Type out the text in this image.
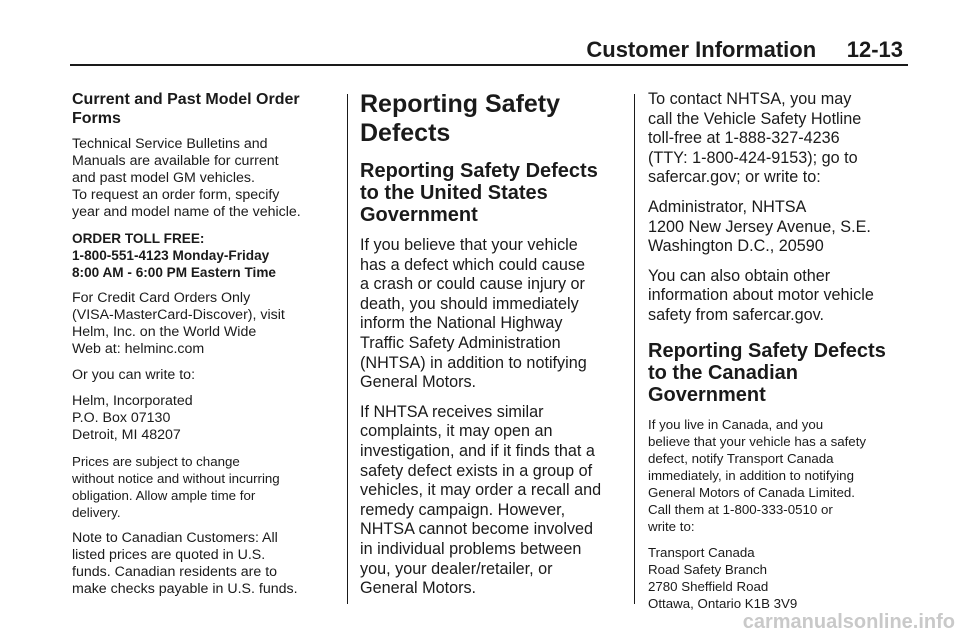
Customer Information     12-13
Current and Past Model Order
Forms
Technical Service Bulletins and
Manuals are available for current
and past model GM vehicles.
To request an order form, specify
year and model name of the vehicle.
ORDER TOLL FREE:
1-800-551-4123 Monday-Friday
8:00 AM - 6:00 PM Eastern Time
For Credit Card Orders Only
(VISA-MasterCard-Discover), visit
Helm, Inc. on the World Wide
Web at: helminc.com
Or you can write to:
Helm, Incorporated
P.O. Box 07130
Detroit, MI 48207
Prices are subject to change
without notice and without incurring
obligation. Allow ample time for
delivery.
Note to Canadian Customers: All
listed prices are quoted in U.S.
funds. Canadian residents are to
make checks payable in U.S. funds.
Reporting Safety
Defects
Reporting Safety Defects
to the United States
Government
If you believe that your vehicle
has a defect which could cause
a crash or could cause injury or
death, you should immediately
inform the National Highway
Traffic Safety Administration
(NHTSA) in addition to notifying
General Motors.
If NHTSA receives similar
complaints, it may open an
investigation, and if it finds that a
safety defect exists in a group of
vehicles, it may order a recall and
remedy campaign. However,
NHTSA cannot become involved
in individual problems between
you, your dealer/retailer, or
General Motors.
To contact NHTSA, you may
call the Vehicle Safety Hotline
toll-free at 1-888-327-4236
(TTY: 1-800-424-9153); go to
safercar.gov; or write to:
Administrator, NHTSA
1200 New Jersey Avenue, S.E.
Washington D.C., 20590
You can also obtain other
information about motor vehicle
safety from safercar.gov.
Reporting Safety Defects
to the Canadian
Government
If you live in Canada, and you
believe that your vehicle has a safety
defect, notify Transport Canada
immediately, in addition to notifying
General Motors of Canada Limited.
Call them at 1-800-333-0510 or
write to:
Transport Canada
Road Safety Branch
2780 Sheffield Road
Ottawa, Ontario K1B 3V9
carmanualsonline.info
